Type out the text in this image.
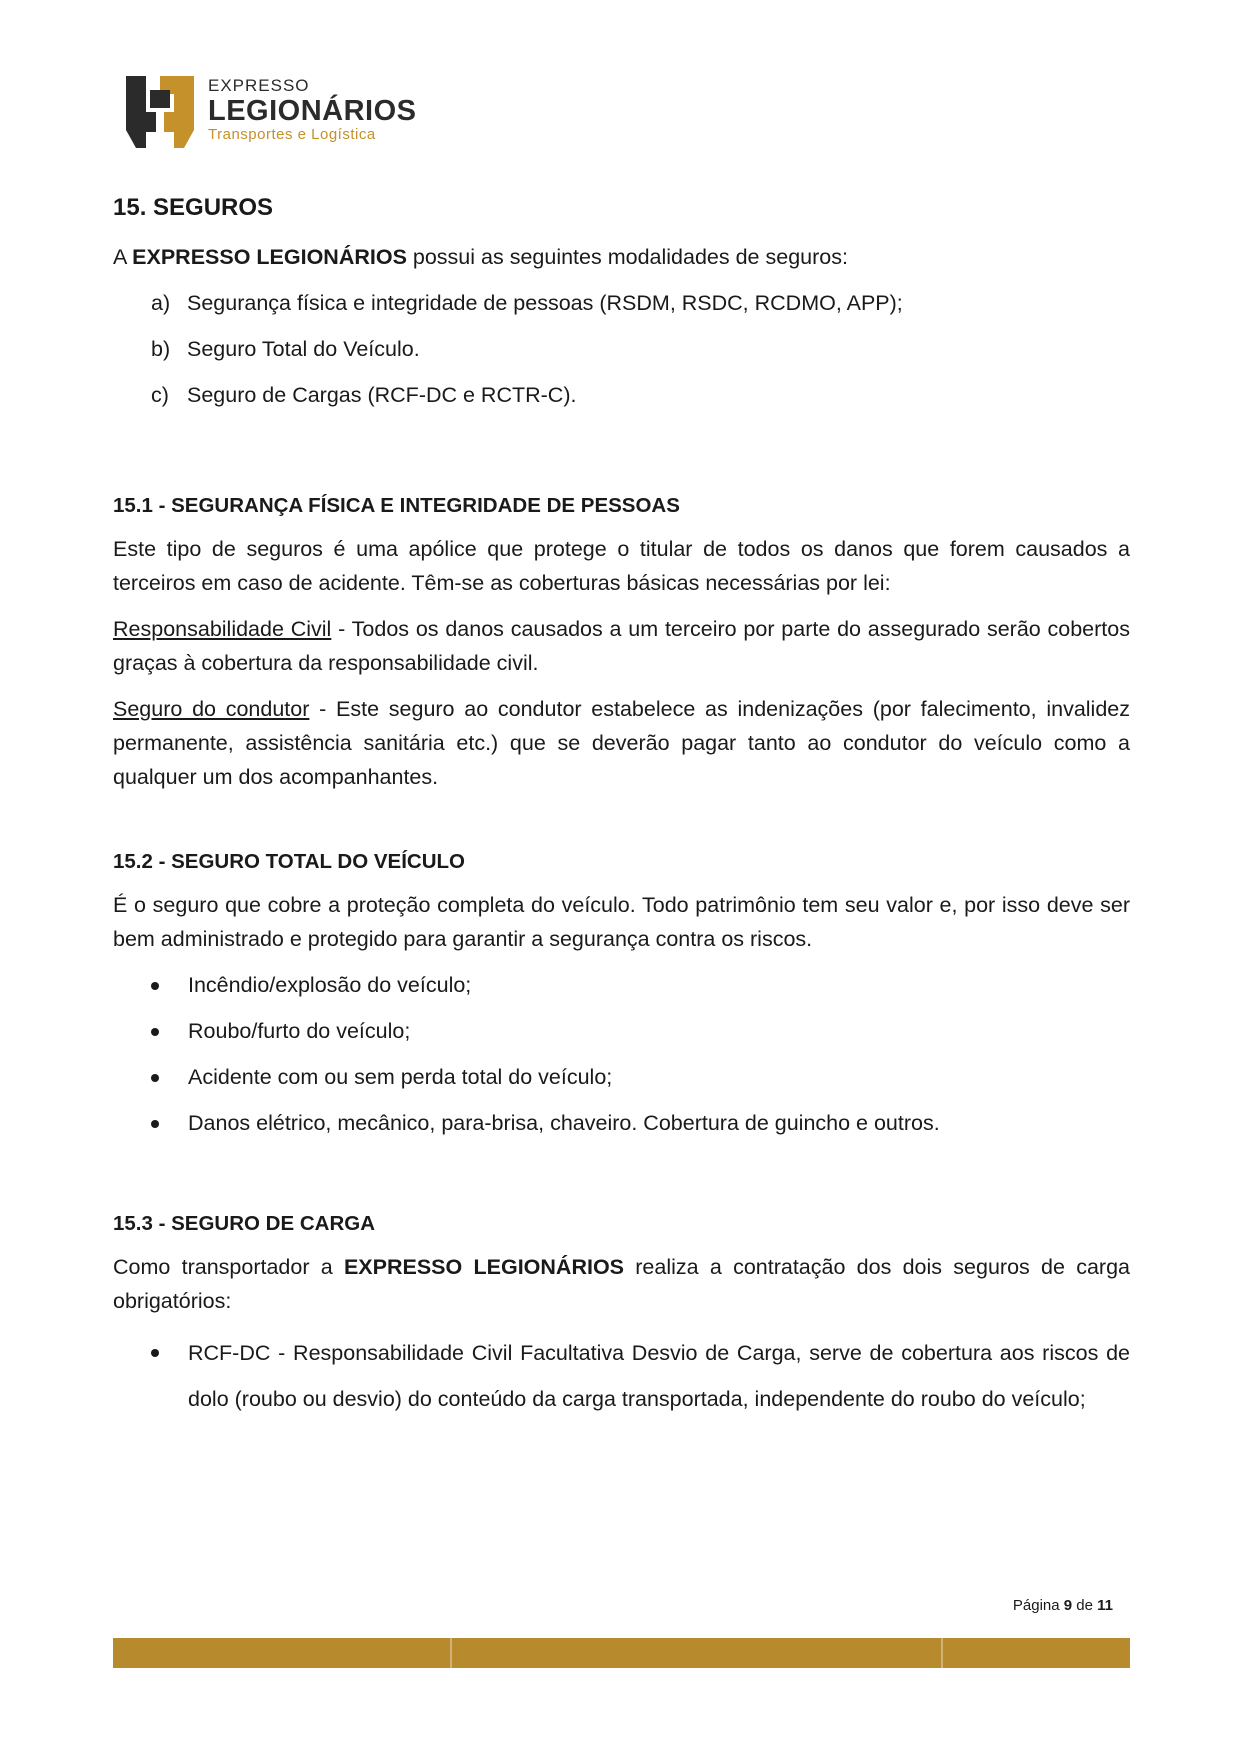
EXPRESSO
LEGIONÁRIOS
Transportes e Logística
15. SEGUROS

A EXPRESSO LEGIONÁRIOS possui as seguintes modalidades de seguros:

a) Segurança física e integridade de pessoas (RSDM, RSDC, RCDMO, APP);
b) Seguro Total do Veículo.
c) Seguro de Cargas (RCF-DC e RCTR-C).
15.1 - SEGURANÇA FÍSICA E INTEGRIDADE DE PESSOAS

Este tipo de seguros é uma apólice que protege o titular de todos os danos que forem causados a terceiros em caso de acidente. Têm-se as coberturas básicas necessárias por lei:

Responsabilidade Civil - Todos os danos causados a um terceiro por parte do assegurado serão cobertos graças à cobertura da responsabilidade civil.

Seguro do condutor - Este seguro ao condutor estabelece as indenizações (por falecimento, invalidez permanente, assistência sanitária etc.) que se deverão pagar tanto ao condutor do veículo como a qualquer um dos acompanhantes.

15.2 - SEGURO TOTAL DO VEÍCULO

É o seguro que cobre a proteção completa do veículo. Todo patrimônio tem seu valor e, por isso deve ser bem administrado e protegido para garantir a segurança contra os riscos.

Incêndio/explosão do veículo;
Roubo/furto do veículo;
Acidente com ou sem perda total do veículo;
Danos elétrico, mecânico, para-brisa, chaveiro. Cobertura de guincho e outros.
15.3 - SEGURO DE CARGA

Como transportador a EXPRESSO LEGIONÁRIOS realiza a contratação dos dois seguros de carga obrigatórios:

RCF-DC - Responsabilidade Civil Facultativa Desvio de Carga, serve de cobertura aos riscos de dolo (roubo ou desvio) do conteúdo da carga transportada, independente do roubo do veículo;
Página 9 de 11
